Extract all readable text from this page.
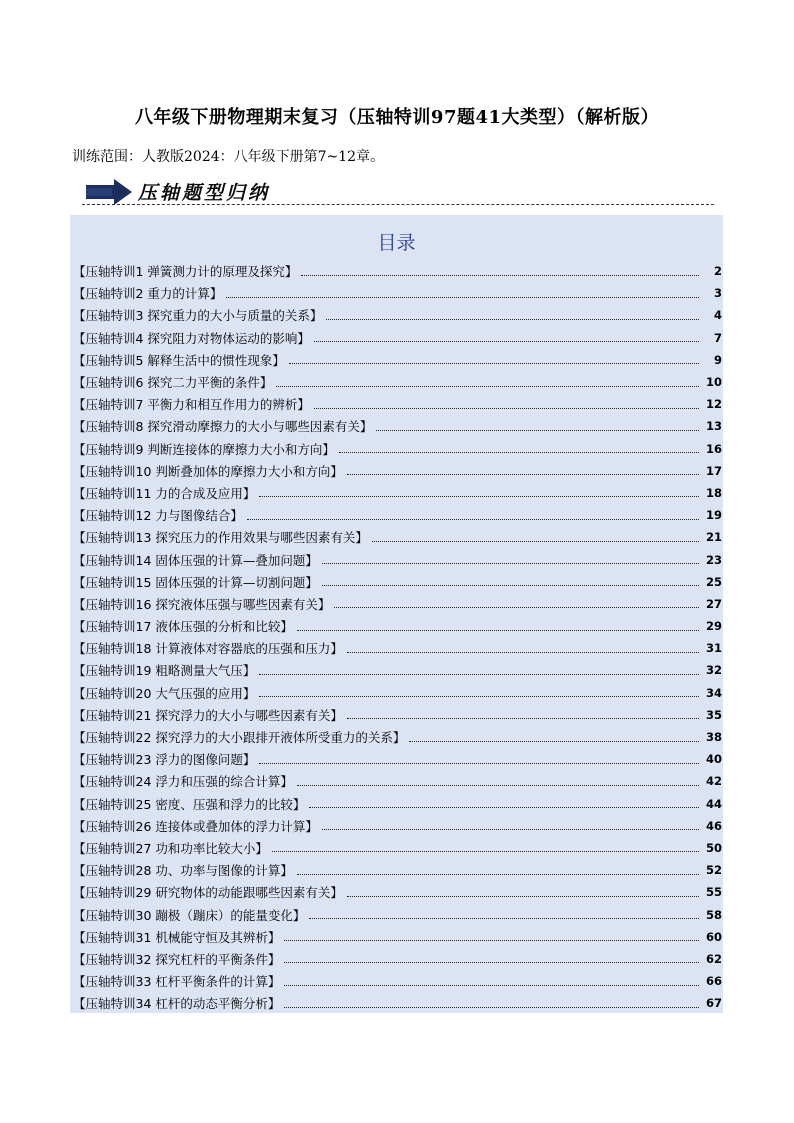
八年级下册物理期末复习（压轴特训97题41大类型）（解析版）
训练范围：人教版2024：八年级下册第7~12章。
压轴题型归纳
目录
【压轴特训1 弹簧测力计的原理及探究】	2
【压轴特训2 重力的计算】	3
【压轴特训3 探究重力的大小与质量的关系】	4
【压轴特训4 探究阻力对物体运动的影响】	7
【压轴特训5 解释生活中的惯性现象】	9
【压轴特训6 探究二力平衡的条件】	10
【压轴特训7 平衡力和相互作用力的辨析】	12
【压轴特训8 探究滑动摩擦力的大小与哪些因素有关】	13
【压轴特训9 判断连接体的摩擦力大小和方向】	16
【压轴特训10 判断叠加体的摩擦力大小和方向】	17
【压轴特训11 力的合成及应用】	18
【压轴特训12 力与图像结合】	19
【压轴特训13 探究压力的作用效果与哪些因素有关】	21
【压轴特训14 固体压强的计算—叠加问题】	23
【压轴特训15 固体压强的计算—切割问题】	25
【压轴特训16 探究液体压强与哪些因素有关】	27
【压轴特训17 液体压强的分析和比较】	29
【压轴特训18 计算液体对容器底的压强和压力】	31
【压轴特训19 粗略测量大气压】	32
【压轴特训20 大气压强的应用】	34
【压轴特训21 探究浮力的大小与哪些因素有关】	35
【压轴特训22 探究浮力的大小跟排开液体所受重力的关系】	38
【压轴特训23 浮力的图像问题】	40
【压轴特训24 浮力和压强的综合计算】	42
【压轴特训25 密度、压强和浮力的比较】	44
【压轴特训26 连接体或叠加体的浮力计算】	46
【压轴特训27 功和功率比较大小】	50
【压轴特训28 功、功率与图像的计算】	52
【压轴特训29 研究物体的动能跟哪些因素有关】	55
【压轴特训30 蹦极（蹦床）的能量变化】	58
【压轴特训31 机械能守恒及其辨析】	60
【压轴特训32 探究杠杆的平衡条件】	62
【压轴特训33 杠杆平衡条件的计算】	66
【压轴特训34 杠杆的动态平衡分析】	67
